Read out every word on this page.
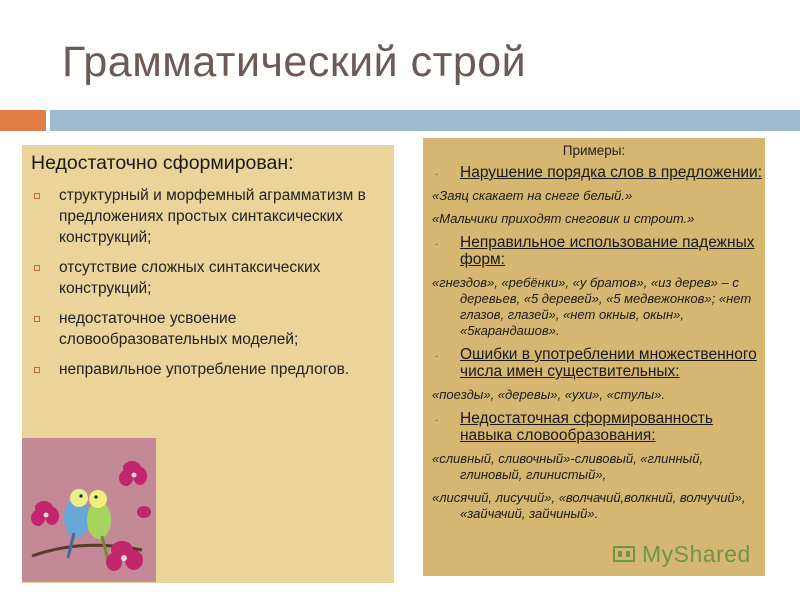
Грамматический строй
Недостаточно сформирован:
структурный и морфемный аграмматизм в предложениях простых синтаксических конструкций;
отсутствие сложных синтаксических конструкций;
недостаточное усвоение словообразовательных моделей;
неправильное употребление предлогов.
Примеры:
- Нарушение порядка слов в предложении:
«Заяц скакает на снеге белый.»
«Мальчики приходят снеговик и строит.»
- Неправильное использование падежных форм:
«гнездов», «ребёнки», «у братов», «из дерев» – с деревьев, «5 деревей», «5 медвежонков»; «нет глазов, глазей», «нет окныв, окын», «5карандашов».
- Ошибки в употреблении множественного числа имен существительных:
«поезды», «деревы», «ухи», «стулы».
- Недостаточная сформированность навыка словообразования:
«сливный, сливочный»-сливовый, «глинный, глиновый, глинистый»,
«лисячий, лисучий», «волчачий,волкний, волчучий», «зайчачий, зайчиный».
MyShared
